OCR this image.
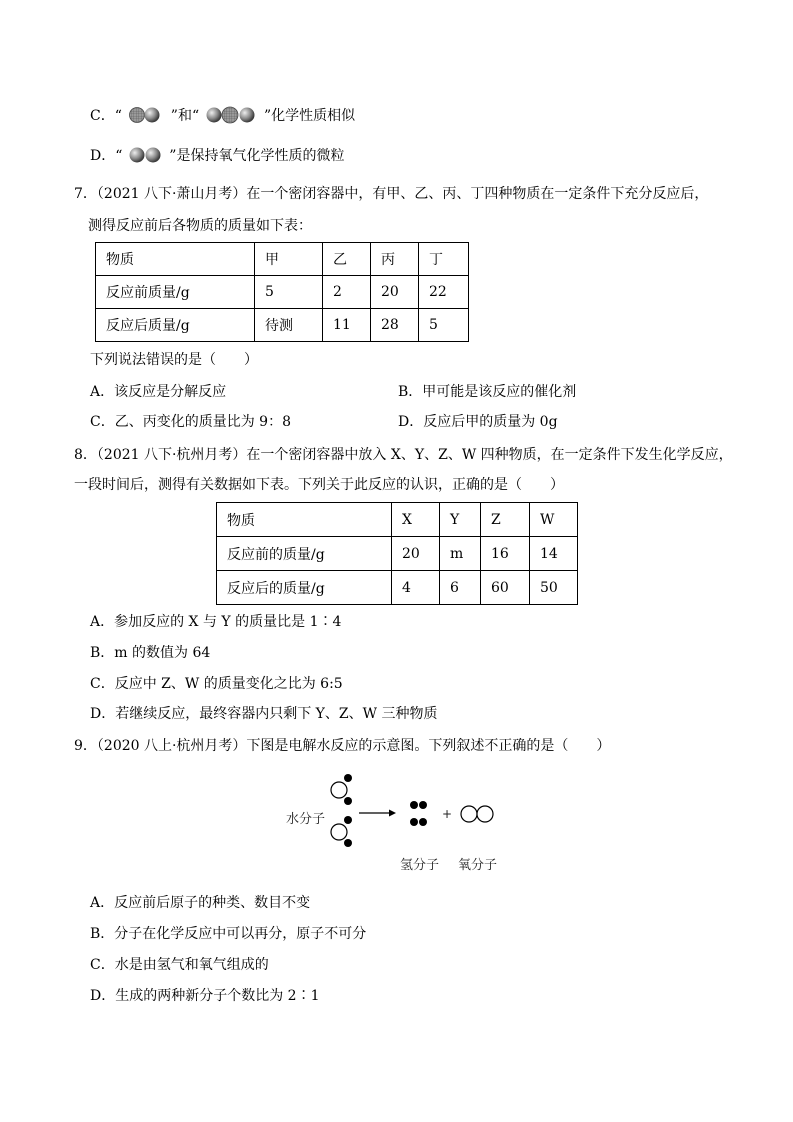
C．“	”和“	”化学性质相似
D．“	”是保持氧气化学性质的微粒
7．（2021 八下·萧山月考）在一个密闭容器中，有甲、乙、丙、丁四种物质在一定条件下充分反应后，
测得反应前后各物质的质量如下表：
物质	甲	乙	丙	丁
反应前质量/g	5	2	20	22
反应后质量/g	待测	11	28	5
下列说法错误的是（　　）
A．该反应是分解反应	B．甲可能是该反应的催化剂
C．乙、丙变化的质量比为 9：8	D．反应后甲的质量为 0g
8．（2021 八下·杭州月考）在一个密闭容器中放入 X、Y、Z、W 四种物质，在一定条件下发生化学反应，
一段时间后，测得有关数据如下表。下列关于此反应的认识，正确的是（　　）
物质	X	Y	Z	W
反应前的质量/g	20	m	16	14
反应后的质量/g	4	6	60	50
A．参加反应的 X 与 Y 的质量比是 1∶4
B．m 的数值为 64
C．反应中 Z、W 的质量变化之比为 6:5
D．若继续反应，最终容器内只剩下 Y、Z、W 三种物质
9．（2020 八上·杭州月考）下图是电解水反应的示意图。下列叙述不正确的是（　　）
水分子	+
氢分子 氧分子
A．反应前后原子的种类、数目不变
B．分子在化学反应中可以再分，原子不可分
C．水是由氢气和氧气组成的
D．生成的两种新分子个数比为 2∶1
